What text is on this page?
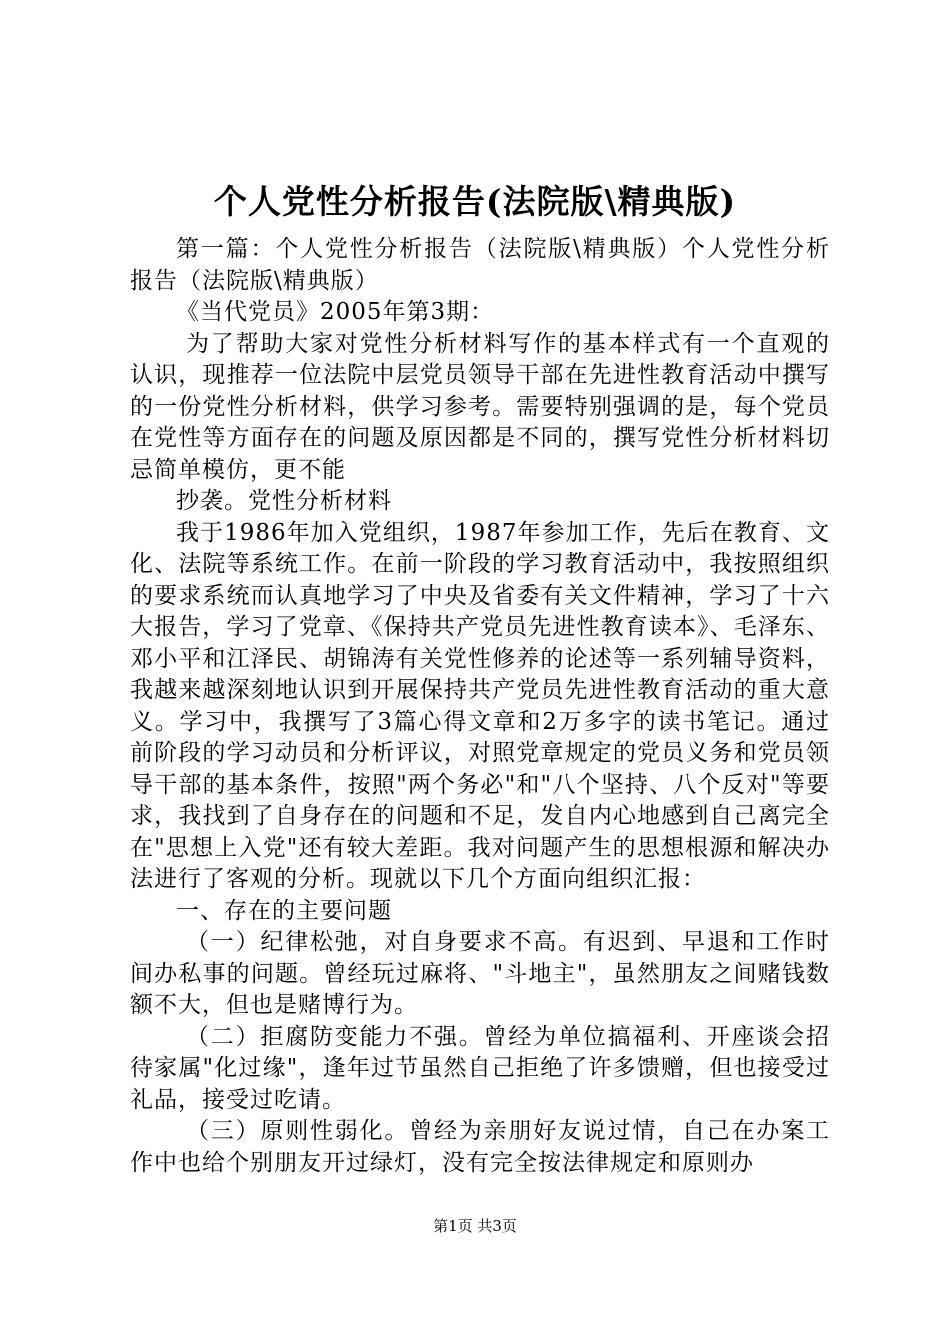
个人党性分析报告(法院版\精典版)

第一篇：个人党性分析报告（法院版\精典版）个人党性分析报告（法院版\精典版）

《当代党员》2005年第3期：

为了帮助大家对党性分析材料写作的基本样式有一个直观的认识，现推荐一位法院中层党员领导干部在先进性教育活动中撰写的一份党性分析材料，供学习参考。需要特别强调的是，每个党员在党性等方面存在的问题及原因都是不同的，撰写党性分析材料切忌简单模仿，更不能

抄袭。党性分析材料

我于1986年加入党组织，1987年参加工作，先后在教育、文化、法院等系统工作。在前一阶段的学习教育活动中，我按照组织的要求系统而认真地学习了中央及省委有关文件精神，学习了十六大报告，学习了党章、《保持共产党员先进性教育读本》、毛泽东、邓小平和江泽民、胡锦涛有关党性修养的论述等一系列辅导资料，我越来越深刻地认识到开展保持共产党员先进性教育活动的重大意义。学习中，我撰写了3篇心得文章和2万多字的读书笔记。通过前阶段的学习动员和分析评议，对照党章规定的党员义务和党员领导干部的基本条件，按照"两个务必"和"八个坚持、八个反对"等要求，我找到了自身存在的问题和不足，发自内心地感到自己离完全在"思想上入党"还有较大差距。我对问题产生的思想根源和解决办法进行了客观的分析。现就以下几个方面向组织汇报：

一、存在的主要问题

（一）纪律松弛，对自身要求不高。有迟到、早退和工作时间办私事的问题。曾经玩过麻将、"斗地主"，虽然朋友之间赌钱数额不大，但也是赌博行为。

（二）拒腐防变能力不强。曾经为单位搞福利、开座谈会招待家属"化过缘"，逢年过节虽然自己拒绝了许多馈赠，但也接受过礼品，接受过吃请。

（三）原则性弱化。曾经为亲朋好友说过情，自己在办案工作中也给个别朋友开过绿灯，没有完全按法律规定和原则办

第1页 共3页
